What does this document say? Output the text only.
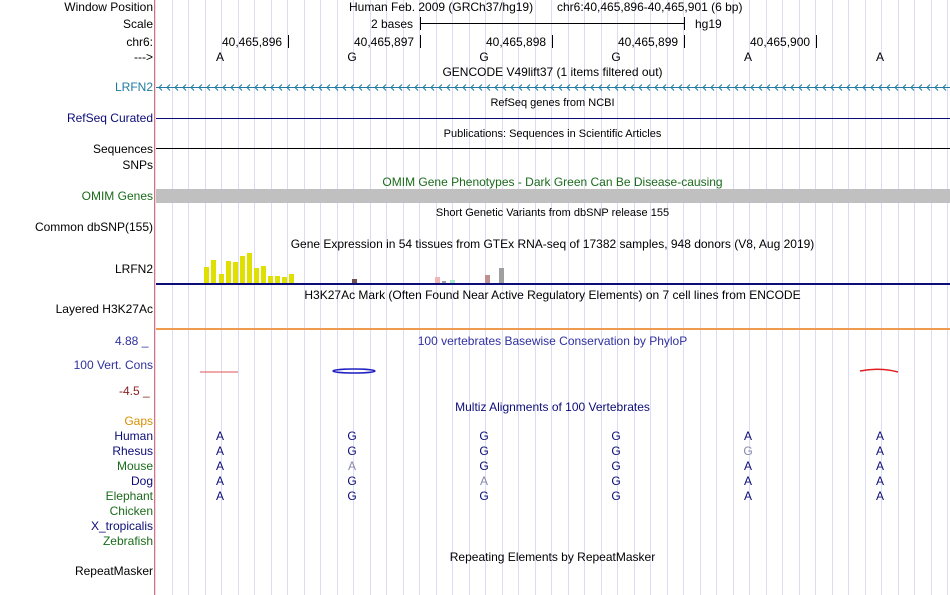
Window Position	Human Feb. 2009 (GRCh37/hg19) chr6:40,465,896-40,465,901 (6 bp)
Scale	2 bases	hg19
chr6:	40,465,896	40,465,897	40,465,898	40,465,899	40,465,900
--->	A	G	G	G	A	A
GENCODE V49lift37 (1 items filtered out)
LRFN2
RefSeq genes from NCBI
RefSeq Curated
Publications: Sequences in Scientific Articles
Sequences
SNPs
OMIM Gene Phenotypes - Dark Green Can Be Disease-causing
OMIM Genes
Short Genetic Variants from dbSNP release 155
Common dbSNP(155)
Gene Expression in 54 tissues from GTEx RNA-seq of 17382 samples, 948 donors (V8, Aug 2019)
LRFN2
H3K27Ac Mark (Often Found Near Active Regulatory Elements) on 7 cell lines from ENCODE
Layered H3K27Ac
4.88 _	100 vertebrates Basewise Conservation by PhyloP
100 Vert. Cons
-4.5 _
Multiz Alignments of 100 Vertebrates
Gaps
Human	A	G	G	G	A	A
Rhesus	A	G	G	G	G	A
Mouse	A	A	G	G	A	A
Dog	A	G	A	G	A	A
Elephant	A	G	G	G	A	A
Chicken
X_tropicalis
Zebrafish
Repeating Elements by RepeatMasker
RepeatMasker
